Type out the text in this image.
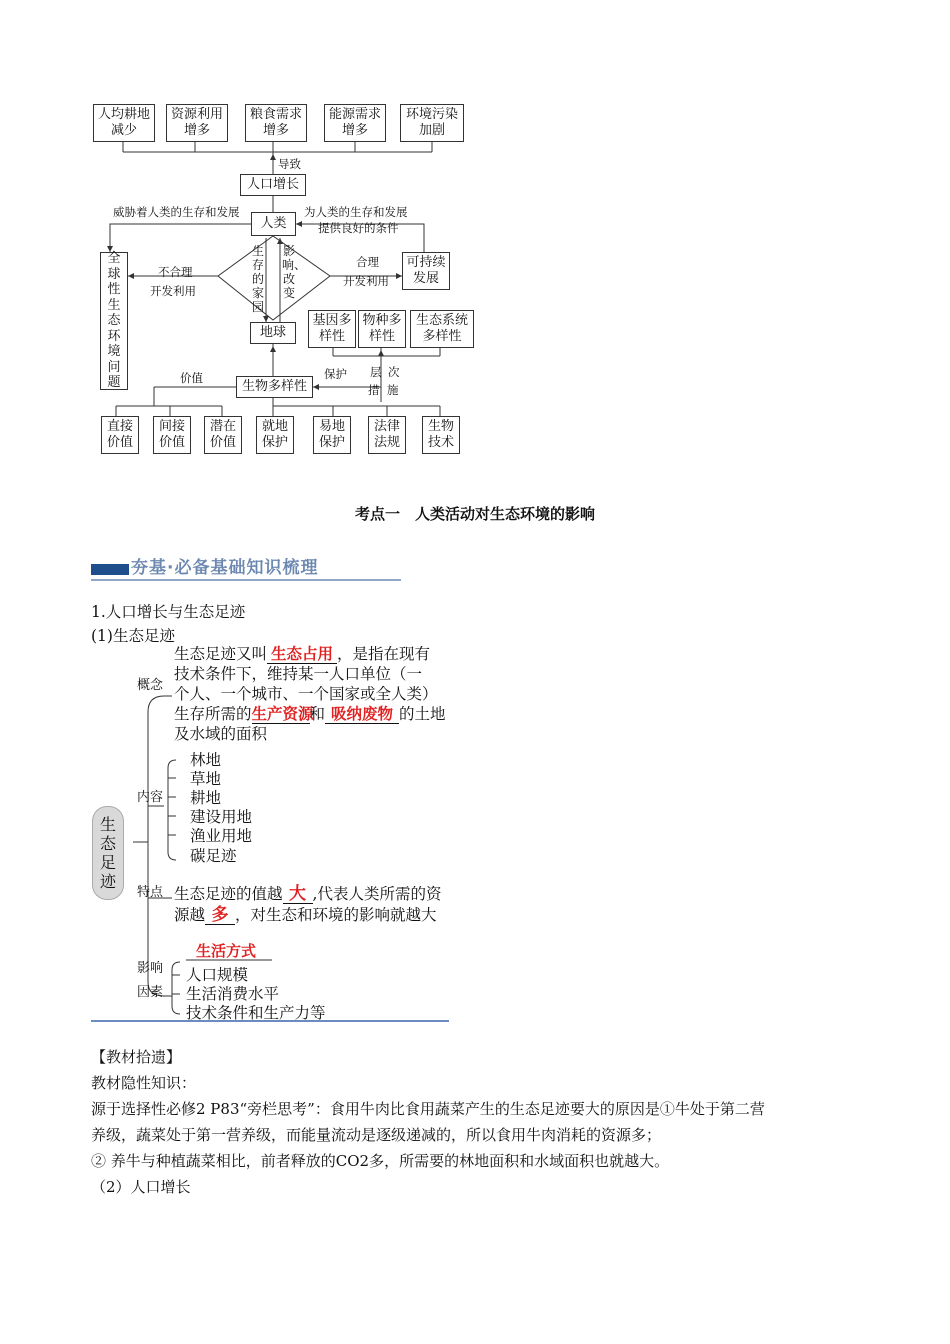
人均耕地减少
资源利用增多
粮食需求增多
能源需求增多
环境污染加剧
导致
人口增长
人类
威胁着人类的生存和发展	为人类的生存和发展
提供良好的条件
全球性生态环境问题
不合理
开发利用
合理
开发利用
可持续发展
生存的家园
影响、改变
地球
基因多样性
物种多样性
生态系统多样性
价值	保护 层 次
措 施
生物多样性
直接价值
间接价值
潜在价值
就地保护
易地保护
法律法规
生物技术
考点一　人类活动对生态环境的影响
夯基·必备基础知识梳理
1.人口增长与生态足迹
(1)生态足迹
生态足迹
概念
内容
特点
影响
因素
生态足迹又叫 生态占用 ，是指在现有
技术条件下，维持某一人口单位（一
个人、一个城市、一个国家或全人类）
生存所需的生产资源和 吸纳废物 的土地
及水域的面积
林地
草地
耕地
建设用地
渔业用地
碳足迹
生态足迹的值越 大 ,代表人类所需的资
源越 多 ，对生态和环境的影响就越大
生活方式
人口规模
生活消费水平
技术条件和生产力等
【教材拾遗】
教材隐性知识：
源于选择性必修2 P83“旁栏思考”：食用牛肉比食用蔬菜产生的生态足迹要大的原因是①牛处于第二营
养级，蔬菜处于第一营养级，而能量流动是逐级递减的，所以食用牛肉消耗的资源多；
② 养牛与种植蔬菜相比，前者释放的CO2多，所需要的林地面积和水域面积也就越大。
（2）人口增长
